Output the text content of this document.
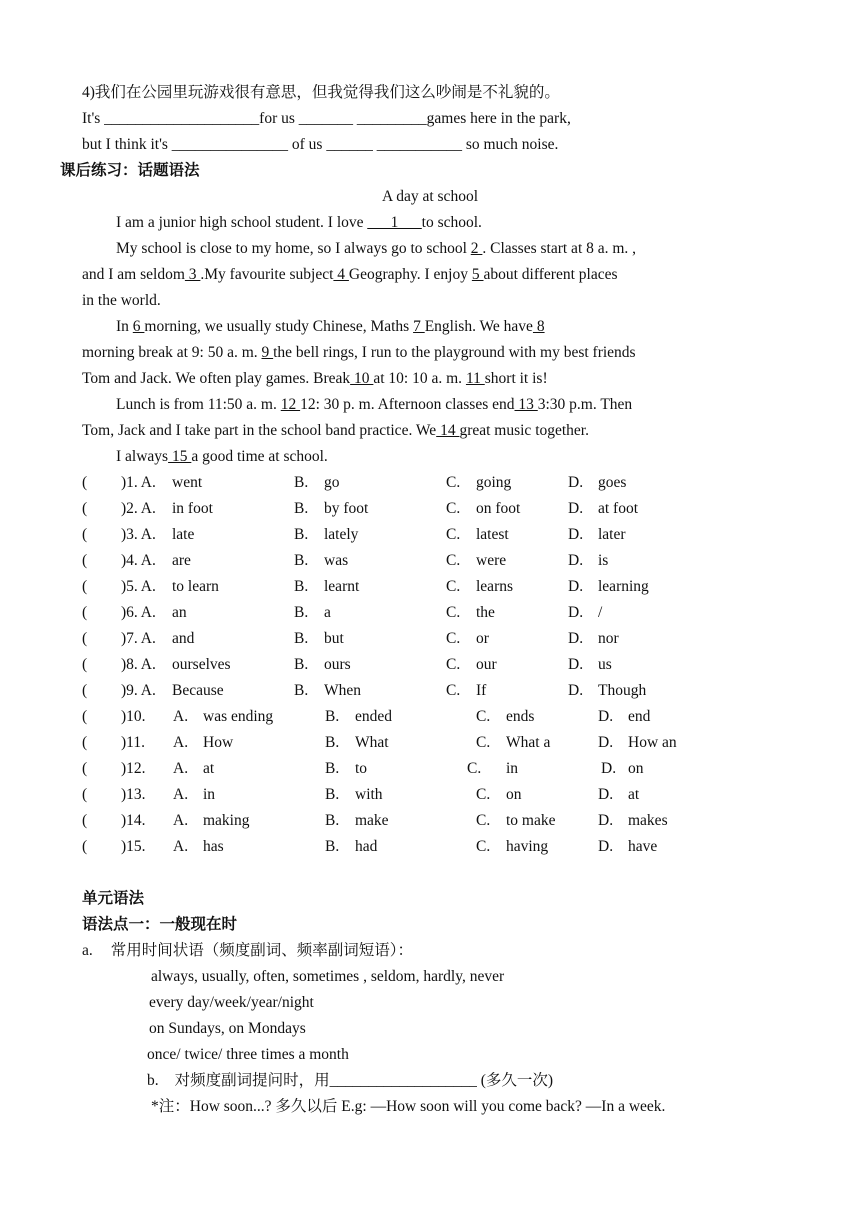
4)我们在公园里玩游戏很有意思，但我觉得我们这么吵闹是不礼貌的。
It's ____________________for us _______ _________games here in the park,
but I think it's _______________ of us ______ ___________ so much noise.
课后练习：话题语法
A day at school
I am a junior high school student. I love ___1___to school.
My school is close to my home, so I always go to school 2 . Classes start at 8 a. m. ,
and I am seldom 3 .My favourite subject 4 Geography. I enjoy 5 about different places
in the world.
In 6 morning, we usually study Chinese, Maths 7 English. We have 8
morning break at 9: 50 a. m. 9 the bell rings, I run to the playground with my best friends
Tom and Jack. We often play games. Break 10 at 10: 10 a. m. 11 short it is!
Lunch is from 11:50 a. m. 12 12: 30 p. m. Afternoon classes end 13 3:30 p.m. Then
Tom, Jack and I take part in the school band practice. We 14 great music together.
I always 15 a good time at school.
( )1. A. went	B. go	C. going	D. goes
( )2. A. in foot	B. by foot	C. on foot	D. at foot
( )3. A. late	B. lately	C. latest	D. later
( )4. A. are	B. was	C. were	D. is
( )5. A. to learn	B. learnt	C. learns	D. learning
( )6. A. an	B. a	C. the	D. /
( )7. A. and	B. but	C. or	D. nor
( )8. A. ourselves	B. ours	C. our	D. us
( )9. A. Because	B. When	C. If	D. Though
( )10. A. was ending	B. ended	C. ends	D. end
( )11. A. How	B. What	C. What a	D. How an
( )12. A. at	B. to	C. in	D. on
( )13. A. in	B. with	C. on	D. at
( )14. A. making	B. make	C. to make	D. makes
( )15. A. has	B. had	C. having	D. have
单元语法
语法点一：一般现在时
a. 常用时间状语（频度副词、频率副词短语）：
always, usually, often, sometimes , seldom, hardly, never
every day/week/year/night
on Sundays, on Mondays
once/ twice/ three times a month
b. 对频度副词提问时，用___________________ (多久一次)
*注：How soon...? 多久以后 E.g: —How soon will you come back? —In a week.
